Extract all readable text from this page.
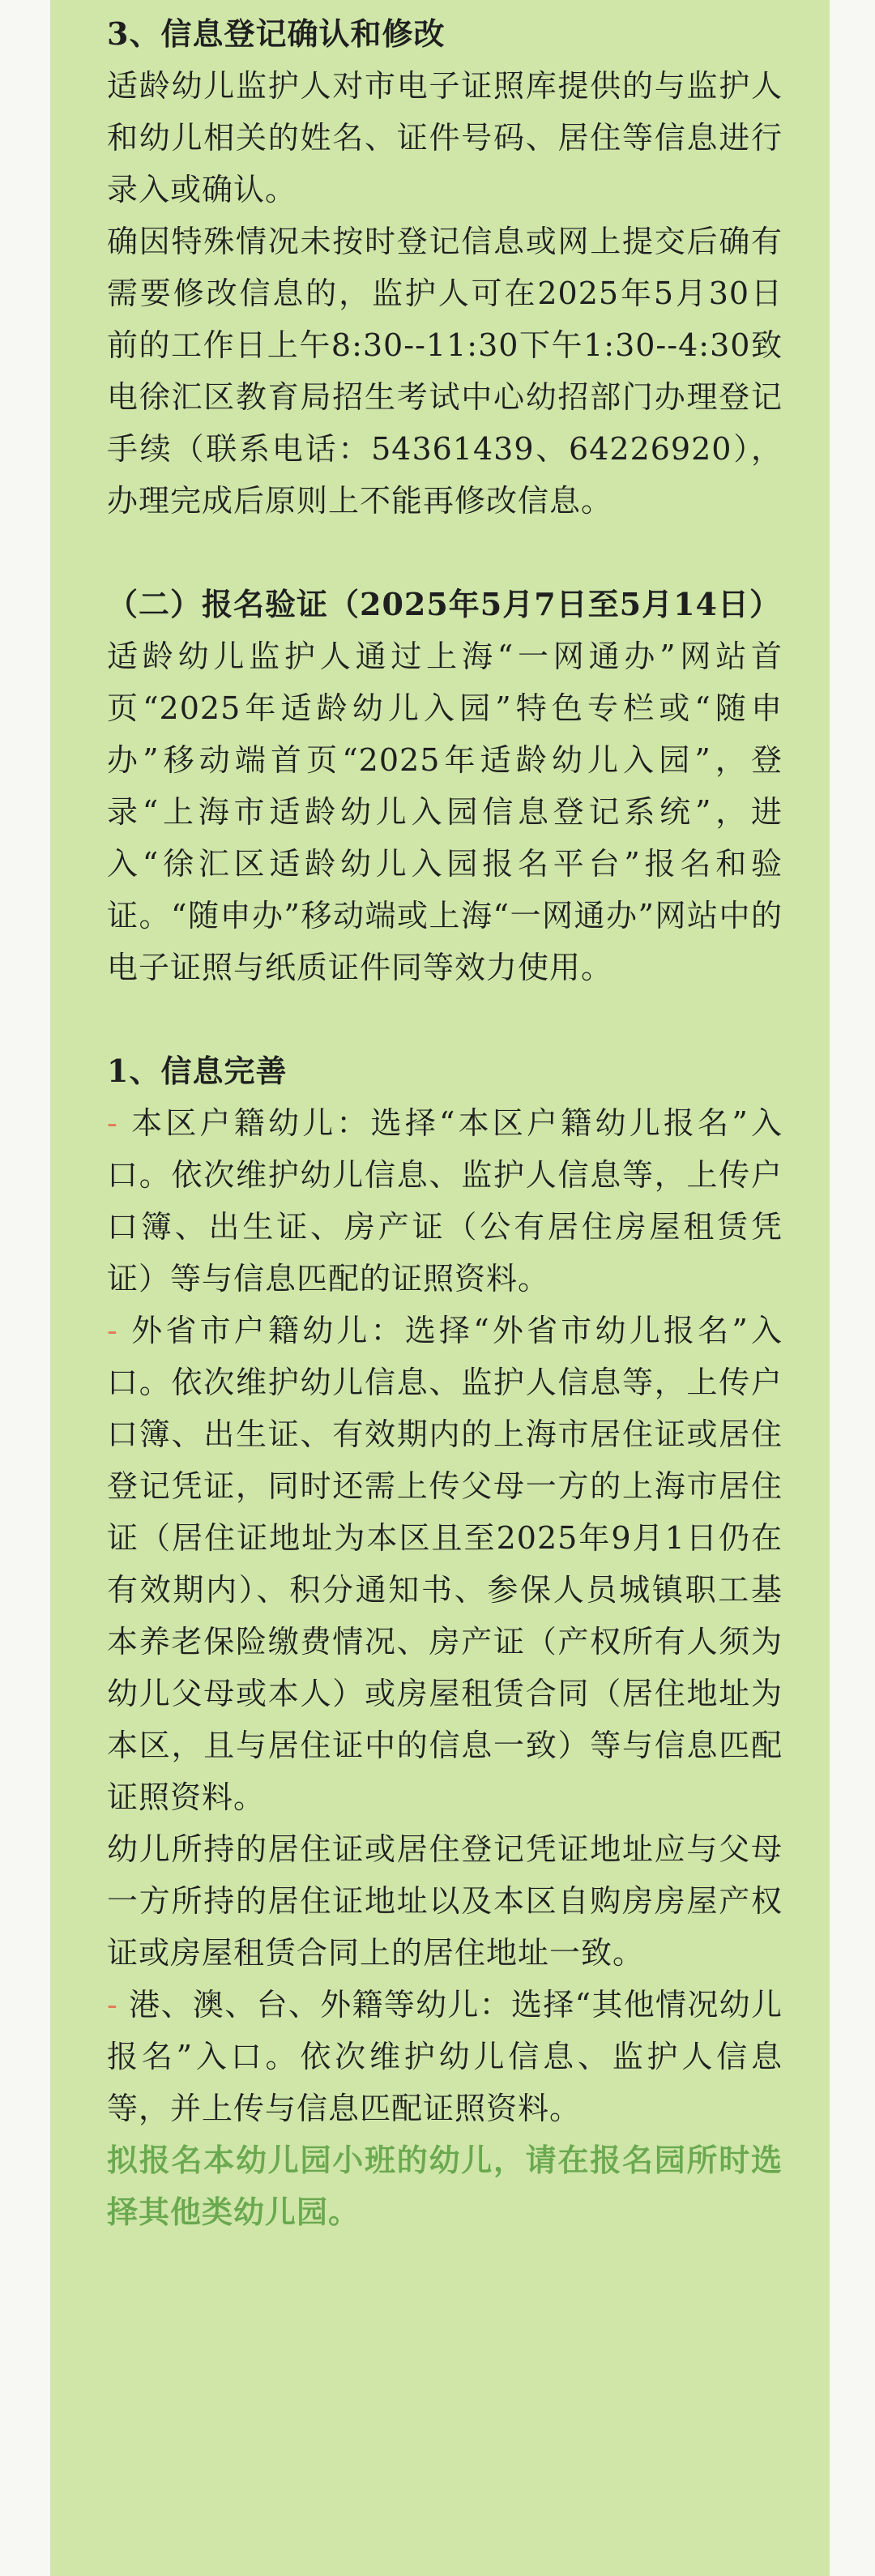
3、信息登记确认和修改
适龄幼儿监护人对市电子证照库提供的与监护人和幼儿相关的姓名、证件号码、居住等信息进行录入或确认。
确因特殊情况未按时登记信息或网上提交后确有需要修改信息的，监护人可在2025年5月30日前的工作日上午8:30--11:30下午1:30--4:30致电徐汇区教育局招生考试中心幼招部门办理登记手续（联系电话：54361439、64226920），办理完成后原则上不能再修改信息。
（二）报名验证（2025年5月7日至5月14日）
适龄幼儿监护人通过上海“一网通办”网站首页“2025年适龄幼儿入园”特色专栏或“随申办”移动端首页“2025年适龄幼儿入园”，登录“上海市适龄幼儿入园信息登记系统”，进入“徐汇区适龄幼儿入园报名平台”报名和验证。“随申办”移动端或上海“一网通办”网站中的电子证照与纸质证件同等效力使用。
1、信息完善
- 本区户籍幼儿：选择“本区户籍幼儿报名”入口。依次维护幼儿信息、监护人信息等，上传户口簿、出生证、房产证（公有居住房屋租赁凭证）等与信息匹配的证照资料。
- 外省市户籍幼儿：选择“外省市幼儿报名”入口。依次维护幼儿信息、监护人信息等，上传户口簿、出生证、有效期内的上海市居住证或居住登记凭证，同时还需上传父母一方的上海市居住证（居住证地址为本区且至2025年9月1日仍在有效期内）、积分通知书、参保人员城镇职工基本养老保险缴费情况、房产证（产权所有人须为幼儿父母或本人）或房屋租赁合同（居住地址为本区，且与居住证中的信息一致）等与信息匹配证照资料。
幼儿所持的居住证或居住登记凭证地址应与父母一方所持的居住证地址以及本区自购房房屋产权证或房屋租赁合同上的居住地址一致。
- 港、澳、台、外籍等幼儿：选择“其他情况幼儿报名”入口。依次维护幼儿信息、监护人信息等，并上传与信息匹配证照资料。
拟报名本幼儿园小班的幼儿，请在报名园所时选择其他类幼儿园。
